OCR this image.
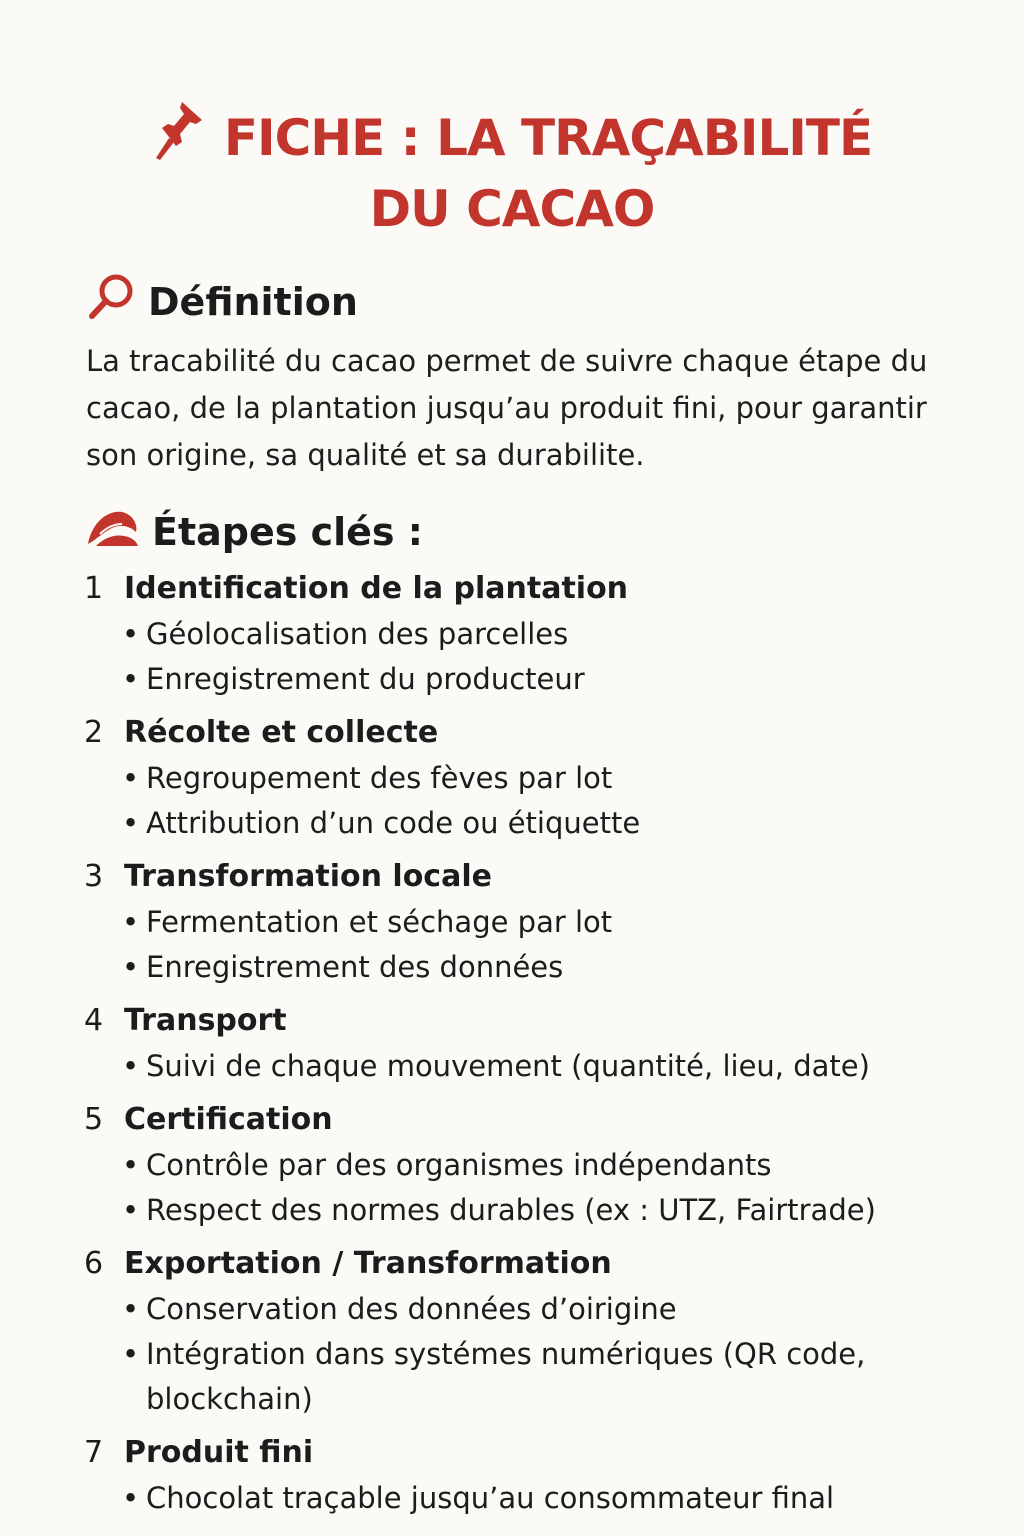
FICHE : LA TRAÇABILITÉ
DU CACAO
Définition

La tracabilité du cacao permet de suivre chaque étape du cacao, de la plantation jusqu’au produit fini, pour garantir son origine, sa qualité et sa durabilite.

Étapes clés :
1 Identification de la plantation
• Géolocalisation des parcelles
• Enregistrement du producteur
2 Récolte et collecte
• Regroupement des fèves par lot
• Attribution d’un code ou étiquette
3 Transformation locale
• Fermentation et séchage par lot
• Enregistrement des données
4 Transport
• Suivi de chaque mouvement (quantité, lieu, date)
5 Certification
• Contrôle par des organismes indépendants
• Respect des normes durables (ex : UTZ, Fairtrade)
6 Exportation / Transformation
• Conservation des données d’oirigine
• Intégration dans systémes numériques (QR code, blockchain)
7 Produit fini
• Chocolat traçable jusqu’au consommateur final
